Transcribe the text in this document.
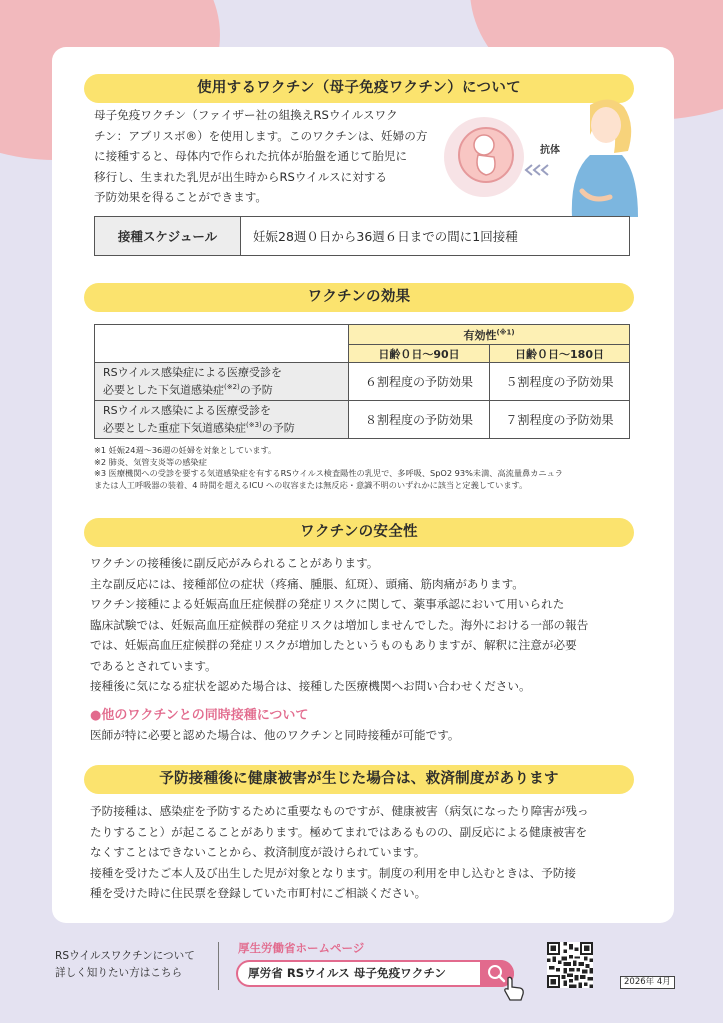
使用するワクチン（母子免疫ワクチン）について
母子免疫ワクチン（ファイザー社の組換えRSウイルスワク
チン：アブリスボ®）を使用します。このワクチンは、妊婦の方
に接種すると、母体内で作られた抗体が胎盤を通じて胎児に
移行し、生まれた乳児が出生時からRSウイルスに対する
予防効果を得ることができます。
抗体
接種スケジュール	妊娠28週０日から36週６日までの間に1回接種
ワクチンの効果
	有効性$^{(※1)}$
	日齢０日～90日	日齢０日～180日

RSウイルス感染症による医療受診を
必要とした下気道感染症$^{(※2)}$の予防	６割程度の予防効果	５割程度の予防効果

RSウイルス感染による医療受診を
必要とした重症下気道感染症$^{(※3)}$の予防	８割程度の予防効果	７割程度の予防効果
※1 妊娠24週～36週の妊婦を対象としています。
※2 肺炎、気管支炎等の感染症
※3 医療機関への受診を要する気道感染症を有するRSウイルス検査陽性の乳児で、多呼吸、SpO2 93%未満、高流量鼻カニュラ
または人工呼吸器の装着、4 時間を超えるICU への収容または無反応・意識不明のいずれかに該当と定義しています。
ワクチンの安全性
ワクチンの接種後に副反応がみられることがあります。
主な副反応には、接種部位の症状（疼痛、腫脹、紅斑）、頭痛、筋肉痛があります。
ワクチン接種による妊娠高血圧症候群の発症リスクに関して、薬事承認において用いられた
臨床試験では、妊娠高血圧症候群の発症リスクは増加しませんでした。海外における一部の報告
では、妊娠高血圧症候群の発症リスクが増加したというものもありますが、解釈に注意が必要
であるとされています。
接種後に気になる症状を認めた場合は、接種した医療機関へお問い合わせください。
●他のワクチンとの同時接種について
医師が特に必要と認めた場合は、他のワクチンと同時接種が可能です。
予防接種後に健康被害が生じた場合は、救済制度があります
予防接種は、感染症を予防するために重要なものですが、健康被害（病気になったり障害が残っ
たりすること）が起こることがあります。極めてまれではあるものの、副反応による健康被害を
なくすことはできないことから、救済制度が設けられています。
接種を受けたご本人及び出生した児が対象となります。制度の利用を申し込むときは、予防接
種を受けた時に住民票を登録していた市町村にご相談ください。
RSウイルスワクチンについて
詳しく知りたい方はこちら
厚生労働省ホームページ
厚労省 RSウイルス 母子免疫ワクチン
2026年 4月
